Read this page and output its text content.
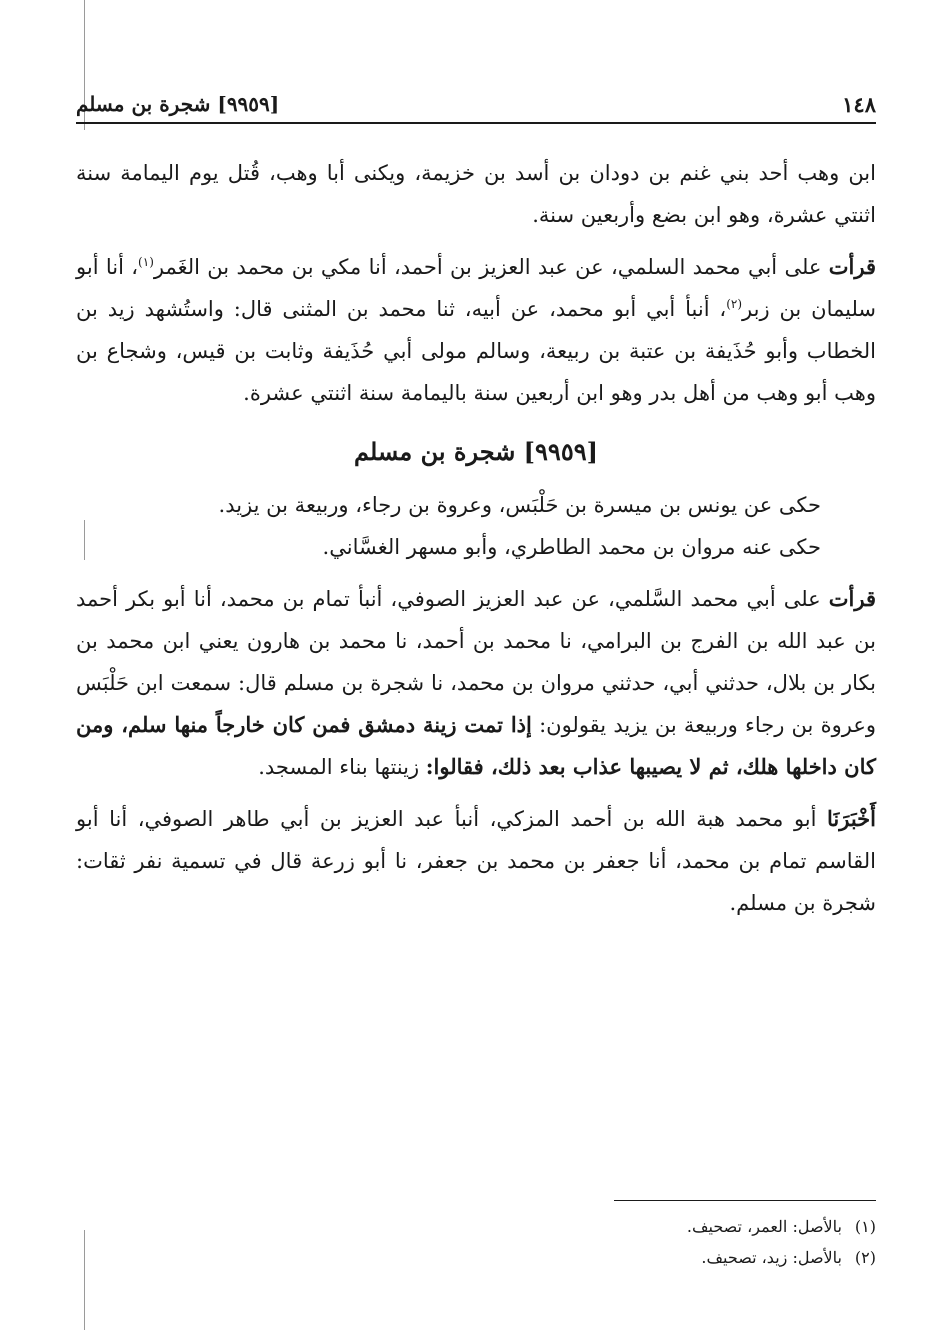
١٤٨
[٩٩٥٩] شجرة بن مسلم

ابن وهب أحد بني غنم بن دودان بن أسد بن خزيمة، ويكنى أبا وهب، قُتل يوم اليمامة سنة اثنتي عشرة، وهو ابن بضع وأربعين سنة.

قرأت على أبي محمد السلمي، عن عبد العزيز بن أحمد، أنا مكي بن محمد بن الغَمر$^{(١)}$، أنا أبو سليمان بن زبر$^{(٢)}$، أنبأ أبي أبو محمد، عن أبيه، ثنا محمد بن المثنى قال: واستُشهد زيد بن الخطاب وأبو حُذَيفة بن عتبة بن ربيعة، وسالم مولى أبي حُذَيفة وثابت بن قيس، وشجاع بن وهب أبو وهب من أهل بدر وهو ابن أربعين سنة باليمامة سنة اثنتي عشرة.

[٩٩٥٩] شجرة بن مسلم

حكى عن يونس بن ميسرة بن حَلْبَس، وعروة بن رجاء، وربيعة بن يزيد.

حكى عنه مروان بن محمد الطاطري، وأبو مسهر الغسَّاني.

قرأت على أبي محمد السَّلمي، عن عبد العزيز الصوفي، أنبأ تمام بن محمد، أنا أبو بكر أحمد بن عبد الله بن الفرج بن البرامي، نا محمد بن أحمد، نا محمد بن هارون يعني ابن محمد بن بكار بن بلال، حدثني أبي، حدثني مروان بن محمد، نا شجرة بن مسلم قال: سمعت ابن حَلْبَس وعروة بن رجاء وربيعة بن يزيد يقولون: إذا تمت زينة دمشق فمن كان خارجاً منها سلم، ومن كان داخلها هلك، ثم لا يصيبها عذاب بعد ذلك، فقالوا: زينتها بناء المسجد.

أَخْبَرَنَا أبو محمد هبة الله بن أحمد المزكي، أنبأ عبد العزيز بن أبي طاهر الصوفي، أنا أبو القاسم تمام بن محمد، أنا جعفر بن محمد بن جعفر، نا أبو زرعة قال في تسمية نفر ثقات: شجرة بن مسلم.

(١)بالأصل: العمر، تصحيف.
(٢)بالأصل: زيد، تصحيف.
